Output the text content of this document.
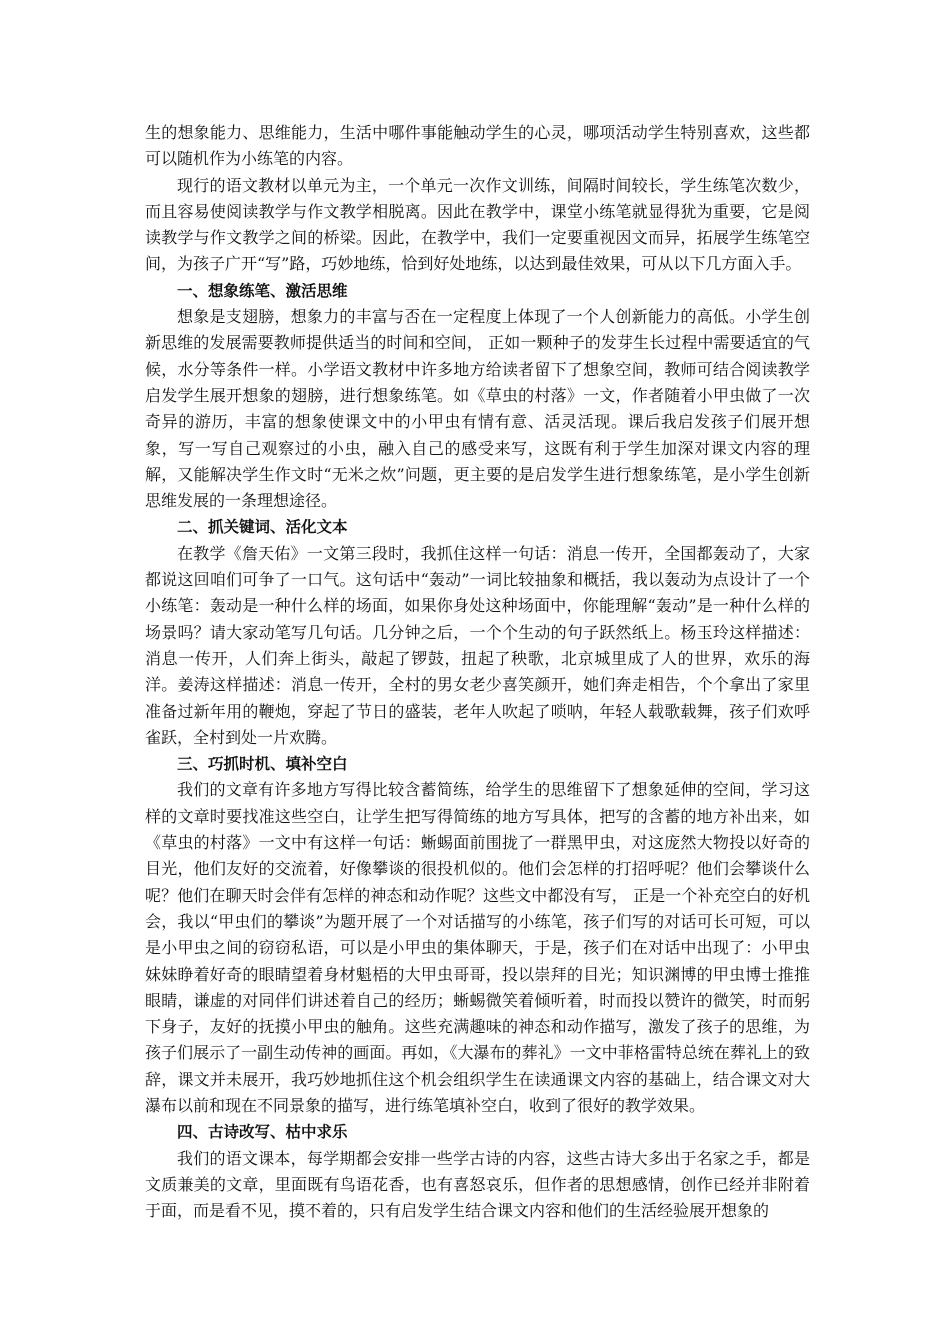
生的想象能力、思维能力，生活中哪件事能触动学生的心灵，哪项活动学生特别喜欢，这些都可以随机作为小练笔的内容。

现行的语文教材以单元为主，一个单元一次作文训练，间隔时间较长，学生练笔次数少，而且容易使阅读教学与作文教学相脱离。因此在教学中，课堂小练笔就显得犹为重要，它是阅读教学与作文教学之间的桥梁。因此，在教学中，我们一定要重视因文而异，拓展学生练笔空间，为孩子广开“写”路，巧妙地练，恰到好处地练，以达到最佳效果，可从以下几方面入手。

一、想象练笔、激活思维

想象是支翅膀，想象力的丰富与否在一定程度上体现了一个人创新能力的高低。小学生创新思维的发展需要教师提供适当的时间和空间， 正如一颗种子的发芽生长过程中需要适宜的气候，水分等条件一样。小学语文教材中许多地方给读者留下了想象空间，教师可结合阅读教学启发学生展开想象的翅膀，进行想象练笔。如《草虫的村落》一文，作者随着小甲虫做了一次奇异的游历，丰富的想象使课文中的小甲虫有情有意、活灵活现。课后我启发孩子们展开想象，写一写自己观察过的小虫，融入自己的感受来写，这既有利于学生加深对课文内容的理解，又能解决学生作文时“无米之炊”问题，更主要的是启发学生进行想象练笔，是小学生创新思维发展的一条理想途径。

二、抓关键词、活化文本

在教学《詹天佑》一文第三段时，我抓住这样一句话：消息一传开，全国都轰动了，大家都说这回咱们可争了一口气。这句话中“轰动”一词比较抽象和概括，我以轰动为点设计了一个小练笔：轰动是一种什么样的场面，如果你身处这种场面中，你能理解“轰动”是一种什么样的场景吗？请大家动笔写几句话。几分钟之后，一个个生动的句子跃然纸上。杨玉玲这样描述：消息一传开，人们奔上街头，敲起了锣鼓，扭起了秧歌，北京城里成了人的世界，欢乐的海洋。姜涛这样描述：消息一传开，全村的男女老少喜笑颜开，她们奔走相告，个个拿出了家里准备过新年用的鞭炮，穿起了节日的盛装，老年人吹起了唢呐，年轻人载歌载舞，孩子们欢呼雀跃，全村到处一片欢腾。

三、巧抓时机、填补空白

我们的文章有许多地方写得比较含蓄简练，给学生的思维留下了想象延伸的空间，学习这样的文章时要找准这些空白，让学生把写得简练的地方写具体，把写的含蓄的地方补出来，如《草虫的村落》一文中有这样一句话：蜥蜴面前围拢了一群黑甲虫，对这庞然大物投以好奇的目光，他们友好的交流着，好像攀谈的很投机似的。他们会怎样的打招呼呢？他们会攀谈什么呢？他们在聊天时会伴有怎样的神态和动作呢？这些文中都没有写， 正是一个补充空白的好机会，我以“甲虫们的攀谈”为题开展了一个对话描写的小练笔，孩子们写的对话可长可短，可以是小甲虫之间的窃窃私语，可以是小甲虫的集体聊天，于是，孩子们在对话中出现了：小甲虫妹妹睁着好奇的眼睛望着身材魁梧的大甲虫哥哥，投以崇拜的目光；知识渊博的甲虫博士推推眼睛，谦虚的对同伴们讲述着自己的经历；蜥蜴微笑着倾听着，时而投以赞许的微笑，时而躬下身子，友好的抚摸小甲虫的触角。这些充满趣味的神态和动作描写，激发了孩子的思维，为孩子们展示了一副生动传神的画面。再如，《大瀑布的葬礼》一文中菲格雷特总统在葬礼上的致辞，课文并未展开，我巧妙地抓住这个机会组织学生在读通课文内容的基础上，结合课文对大瀑布以前和现在不同景象的描写，进行练笔填补空白，收到了很好的教学效果。

四、古诗改写、枯中求乐

我们的语文课本，每学期都会安排一些学古诗的内容，这些古诗大多出于名家之手，都是文质兼美的文章，里面既有鸟语花香，也有喜怒哀乐，但作者的思想感情，创作已经并非附着于面，而是看不见，摸不着的，只有启发学生结合课文内容和他们的生活经验展开想象的
